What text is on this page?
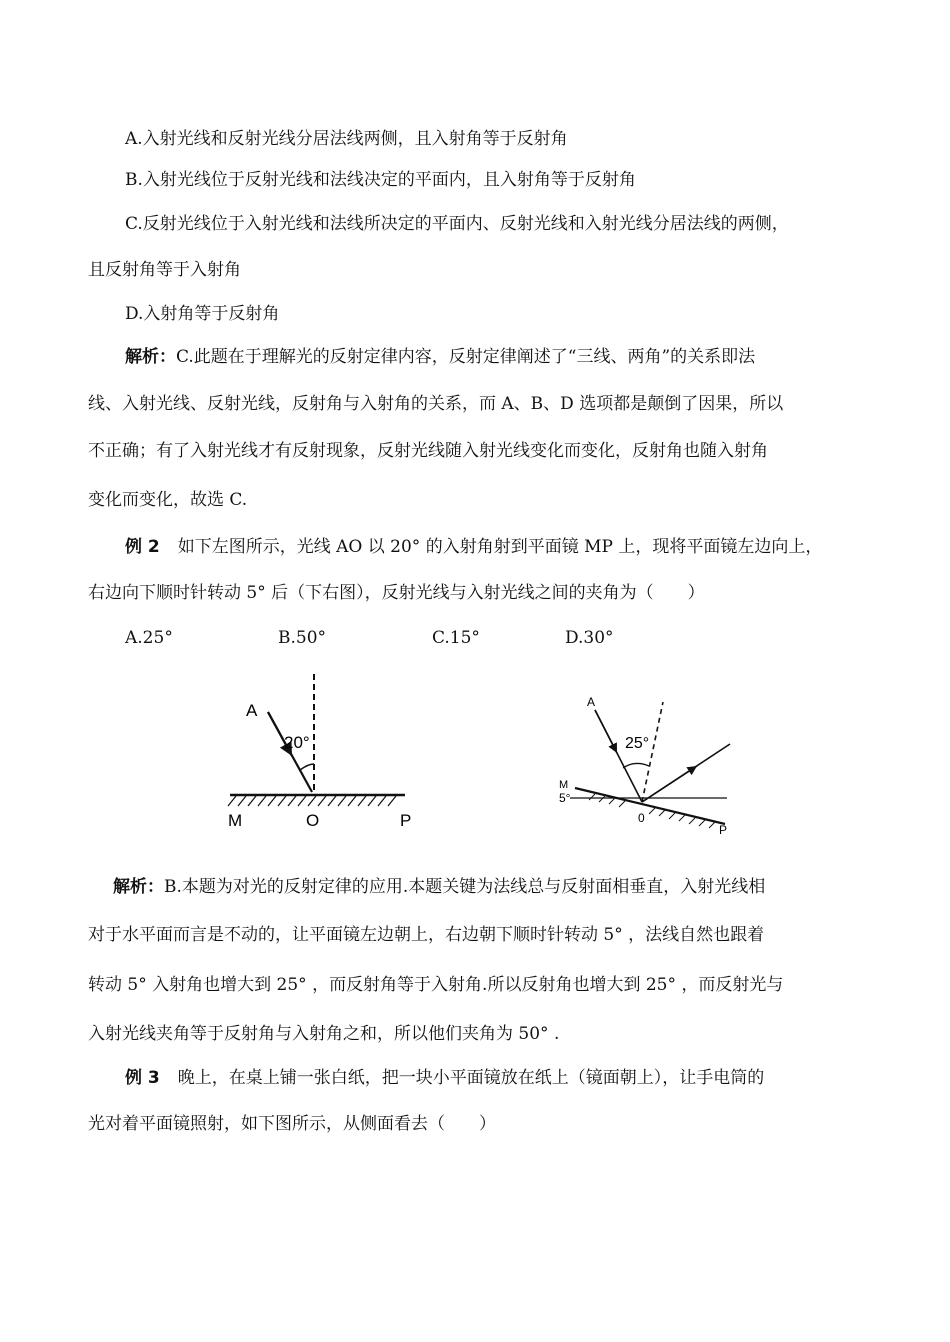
A.入射光线和反射光线分居法线两侧，且入射角等于反射角
B.入射光线位于反射光线和法线决定的平面内，且入射角等于反射角
C.反射光线位于入射光线和法线所决定的平面内、反射光线和入射光线分居法线的两侧，
且反射角等于入射角
D.入射角等于反射角
解析：C.此题在于理解光的反射定律内容，反射定律阐述了“三线、两角”的关系即法
线、入射光线、反射光线，反射角与入射角的关系，而 A、B、D 选项都是颠倒了因果，所以
不正确；有了入射光线才有反射现象，反射光线随入射光线变化而变化，反射角也随入射角
变化而变化，故选 C.
例 2 如下左图所示，光线 AO 以 20° 的入射角射到平面镜 MP 上，现将平面镜左边向上，
右边向下顺时针转动 5° 后（下右图），反射光线与入射光线之间的夹角为（　　）
A.25°	B.50°	C.15°	D.30°
A
20°
M	O	P
A
25°
M
5°
0
P
解析：B.本题为对光的反射定律的应用.本题关键为法线总与反射面相垂直，入射光线相
对于水平面而言是不动的，让平面镜左边朝上，右边朝下顺时针转动 5° ，法线自然也跟着
转动 5° 入射角也增大到 25° ，而反射角等于入射角.所以反射角也增大到 25° ，而反射光与
入射光线夹角等于反射角与入射角之和，所以他们夹角为 50° .
例 3 晚上，在桌上铺一张白纸，把一块小平面镜放在纸上（镜面朝上），让手电筒的
光对着平面镜照射，如下图所示，从侧面看去（　　）
